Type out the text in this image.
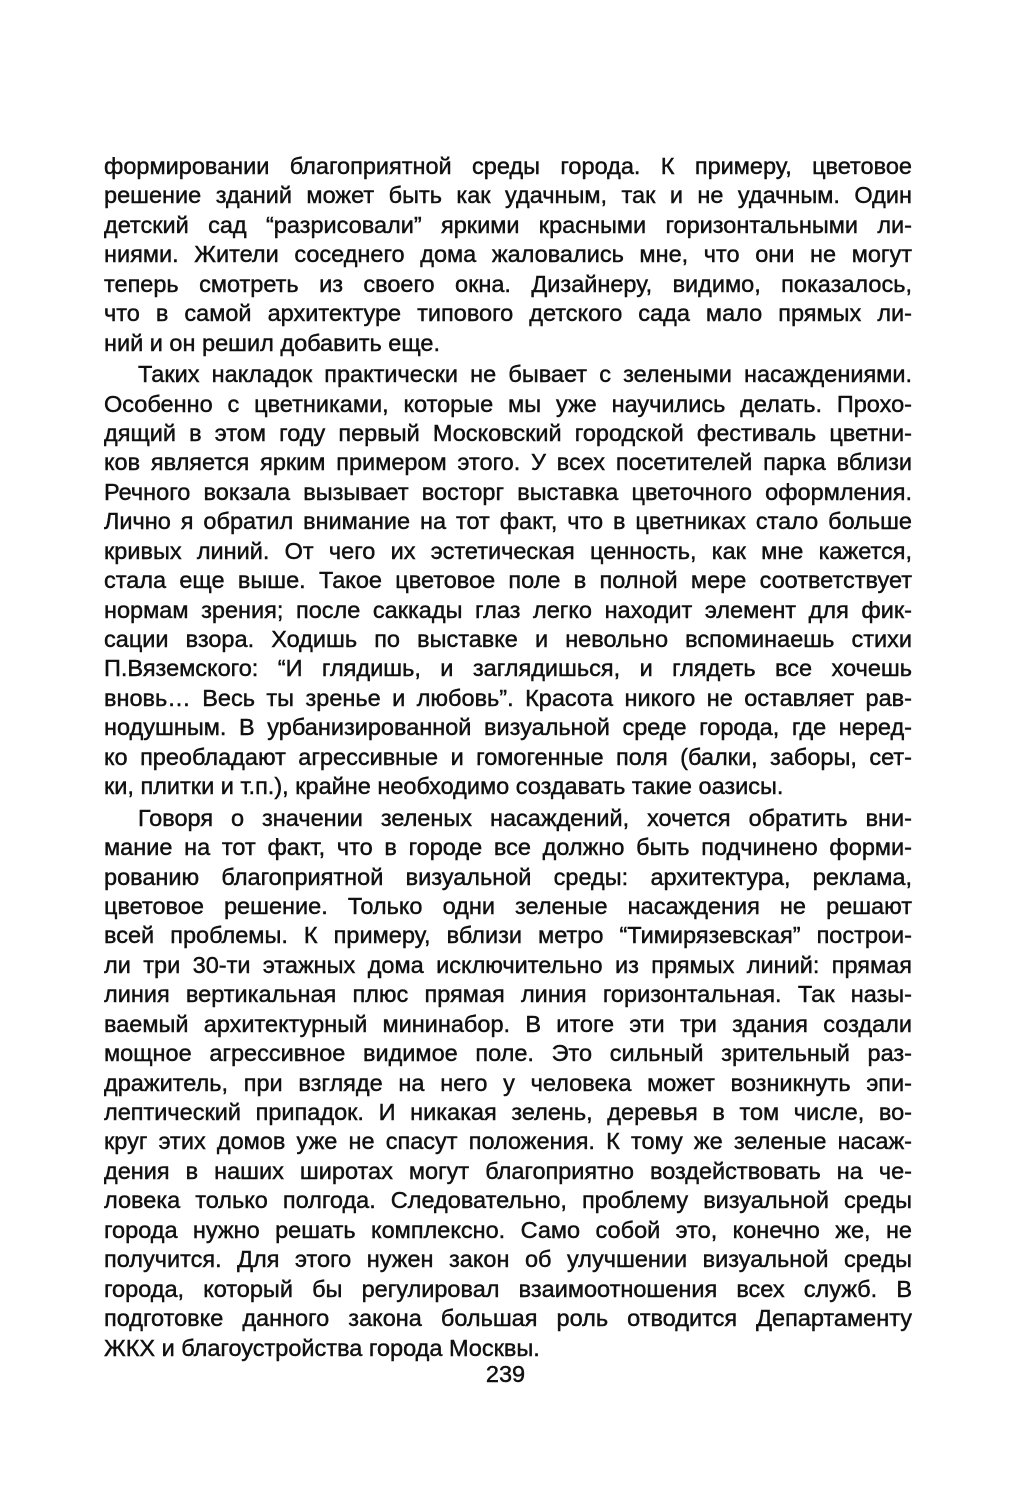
формировании благоприятной среды города. К примеру, цветовое
решение зданий может быть как удачным, так и не удачным. Один
детский сад “разрисовали” яркими красными горизонтальными ли-
ниями. Жители соседнего дома жаловались мне, что они не могут
теперь смотреть из своего окна. Дизайнеру, видимо, показалось,
что в самой архитектуре типового детского сада мало прямых ли-
ний и он решил добавить еще.
Таких накладок практически не бывает с зелеными насаждениями.
Особенно с цветниками, которые мы уже научились делать. Прохо-
дящий в этом году первый Московский городской фестиваль цветни-
ков является ярким примером этого. У всех посетителей парка вблизи
Речного вокзала вызывает восторг выставка цветочного оформления.
Лично я обратил внимание на тот факт, что в цветниках стало больше
кривых линий. От чего их эстетическая ценность, как мне кажется,
стала еще выше. Такое цветовое поле в полной мере соответствует
нормам зрения; после саккады глаз легко находит элемент для фик-
сации взора. Ходишь по выставке и невольно вспоминаешь стихи
П.Вяземского: “И глядишь, и заглядишься, и глядеть все хочешь
вновь… Весь ты зренье и любовь”. Красота никого не оставляет рав-
нодушным. В урбанизированной визуальной среде города, где неред-
ко преобладают агрессивные и гомогенные поля (балки, заборы, сет-
ки, плитки и т.п.), крайне необходимо создавать такие оазисы.
Говоря о значении зеленых насаждений, хочется обратить вни-
мание на тот факт, что в городе все должно быть подчинено форми-
рованию благоприятной визуальной среды: архитектура, реклама,
цветовое решение. Только одни зеленые насаждения не решают
всей проблемы. К примеру, вблизи метро “Тимирязевская” построи-
ли три 30-ти этажных дома исключительно из прямых линий: прямая
линия вертикальная плюс прямая линия горизонтальная. Так назы-
ваемый архитектурный мининабор. В итоге эти три здания создали
мощное агрессивное видимое поле. Это сильный зрительный раз-
дражитель, при взгляде на него у человека может возникнуть эпи-
лептический припадок. И никакая зелень, деревья в том числе, во-
круг этих домов уже не спасут положения. К тому же зеленые насаж-
дения в наших широтах могут благоприятно воздействовать на че-
ловека только полгода. Следовательно, проблему визуальной среды
города нужно решать комплексно. Само собой это, конечно же, не
получится. Для этого нужен закон об улучшении визуальной среды
города, который бы регулировал взаимоотношения всех служб. В
подготовке данного закона большая роль отводится Департаменту
ЖКХ и благоустройства города Москвы.
239
